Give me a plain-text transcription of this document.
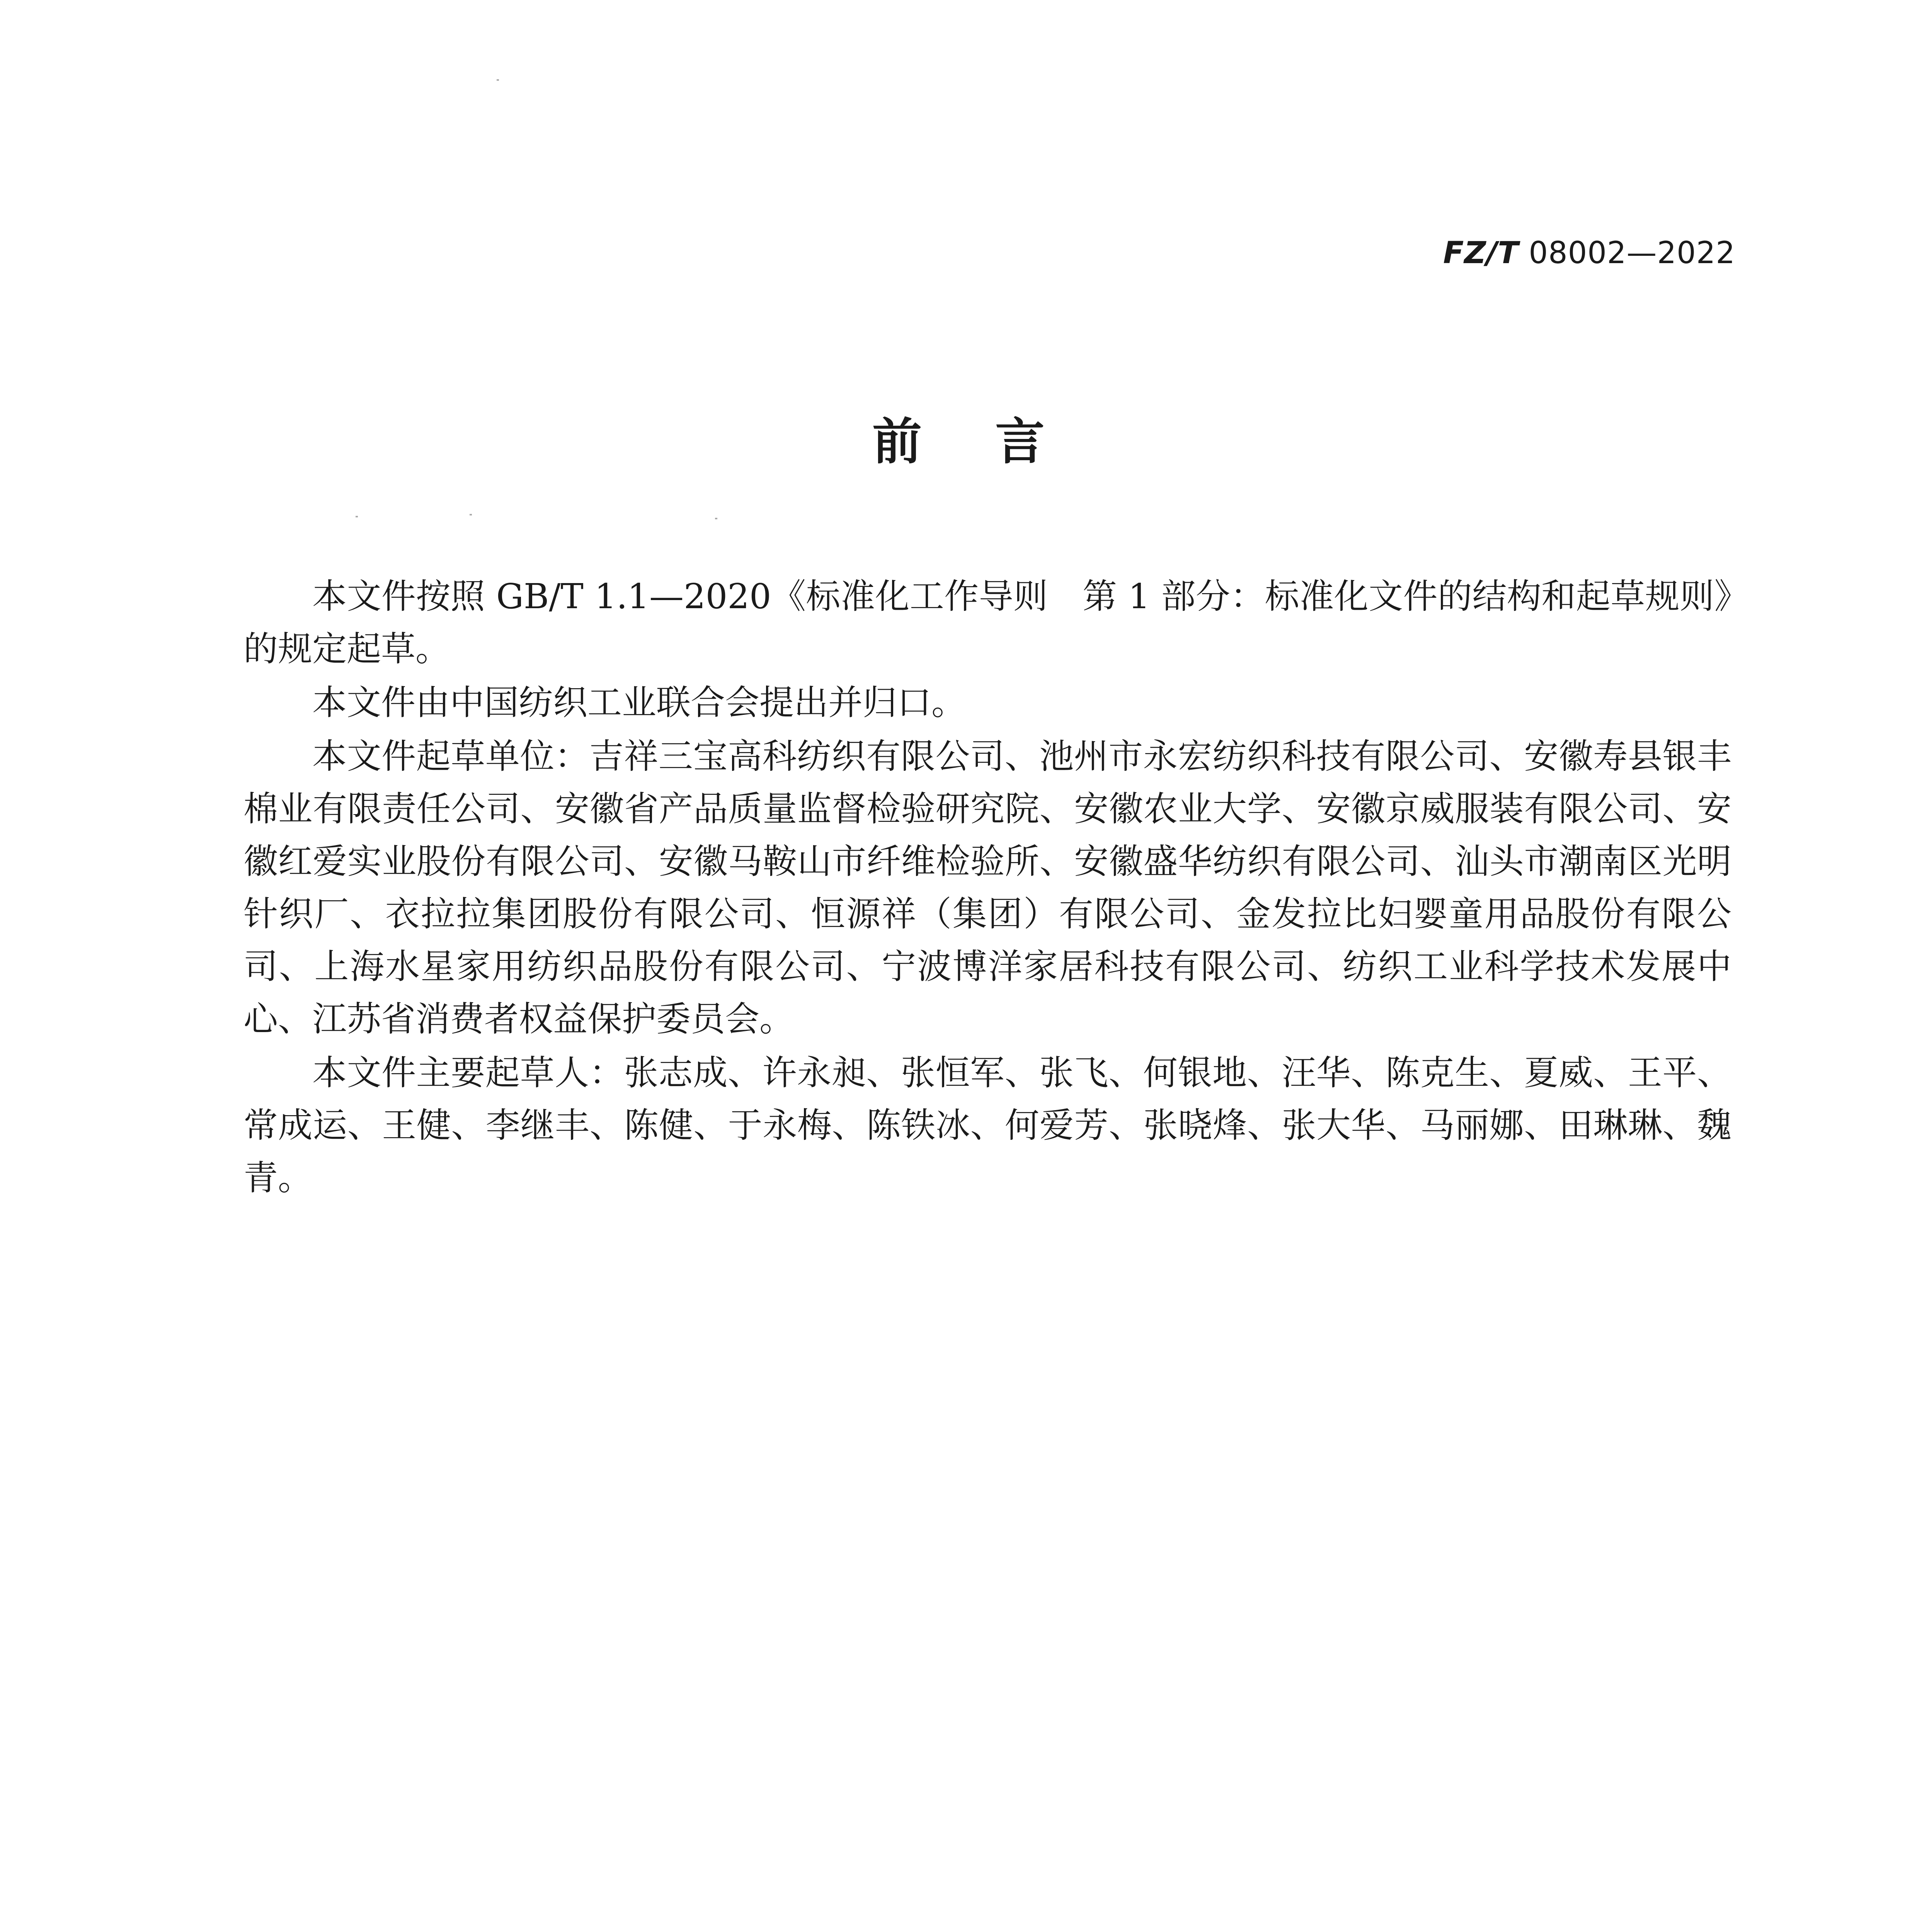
FZ/T 08002—2022
前言

本文件按照 GB/T 1.1—2020《标准化工作导则　第 1 部分：标准化文件的结构和起草规则》的规定起草。

本文件由中国纺织工业联合会提出并归口。

本文件起草单位：吉祥三宝高科纺织有限公司、池州市永宏纺织科技有限公司、安徽寿县银丰棉业有限责任公司、安徽省产品质量监督检验研究院、安徽农业大学、安徽京威服装有限公司、安徽红爱实业股份有限公司、安徽马鞍山市纤维检验所、安徽盛华纺织有限公司、汕头市潮南区光明针织厂、衣拉拉集团股份有限公司、恒源祥（集团）有限公司、金发拉比妇婴童用品股份有限公司、上海水星家用纺织品股份有限公司、宁波博洋家居科技有限公司、纺织工业科学技术发展中心、江苏省消费者权益保护委员会。

本文件主要起草人：张志成、许永昶、张恒军、张飞、何银地、汪华、陈克生、夏威、王平、常成运、王健、李继丰、陈健、于永梅、陈铁冰、何爱芳、张晓烽、张大华、马丽娜、田琳琳、魏青。
